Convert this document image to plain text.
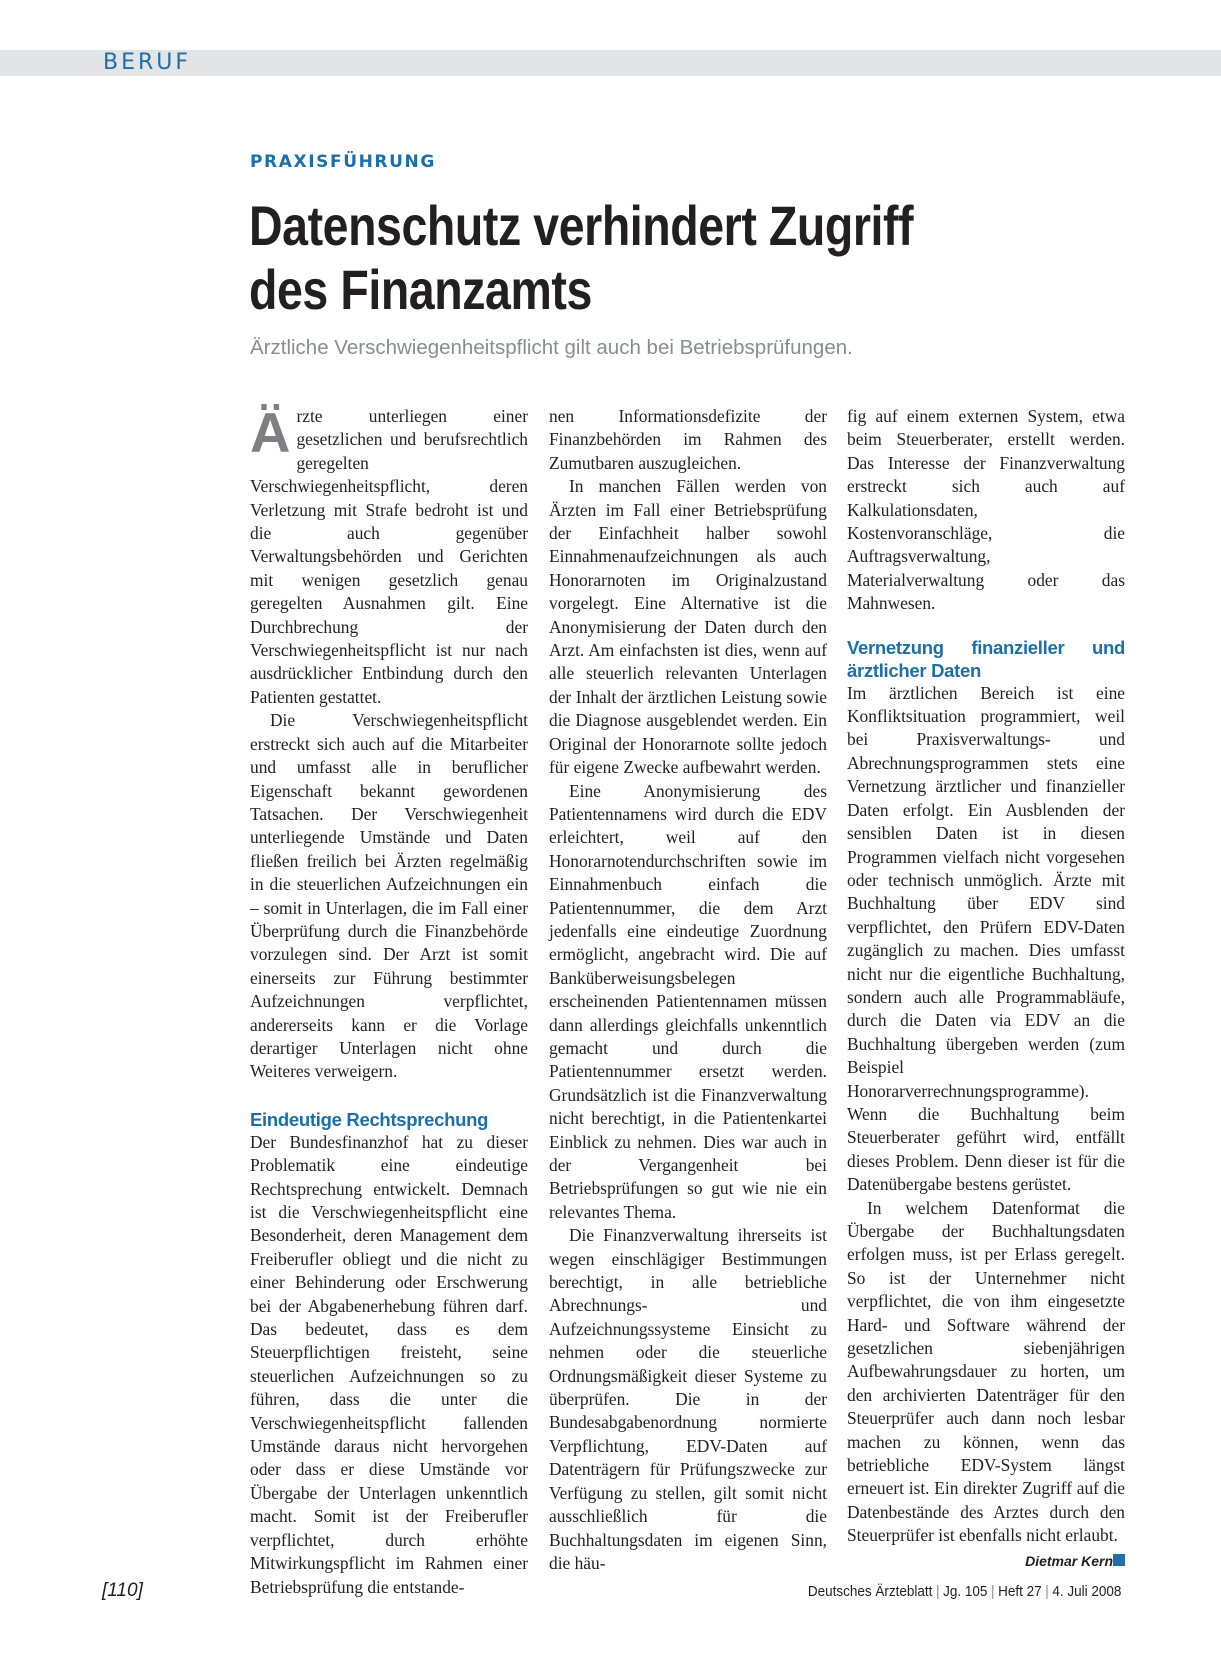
BERUF
PRAXISFÜHRUNG
Datenschutz verhindert Zugriff
des Finanzamts
Ärztliche Verschwiegenheitspflicht gilt auch bei Betriebsprüfungen.

Ärzte unterliegen einer gesetzlichen und berufsrechtlich geregelten Verschwiegenheitspflicht, deren Verletzung mit Strafe bedroht ist und die auch gegenüber Verwaltungsbehörden und Gerichten mit wenigen gesetzlich genau geregelten Ausnahmen gilt. Eine Durchbrechung der Verschwiegenheitspflicht ist nur nach ausdrücklicher Entbindung durch den Patienten gestattet.

Die Verschwiegenheitspflicht erstreckt sich auch auf die Mitarbeiter und umfasst alle in beruflicher Eigenschaft bekannt gewordenen Tatsachen. Der Verschwiegenheit unterliegende Umstände und Daten fließen freilich bei Ärzten regelmäßig in die steuerlichen Aufzeichnungen ein – somit in Unterlagen, die im Fall einer Überprüfung durch die Finanzbehörde vorzulegen sind. Der Arzt ist somit einerseits zur Führung bestimmter Aufzeichnungen verpflichtet, andererseits kann er die Vorlage derartiger Unterlagen nicht ohne Weiteres verweigern.

Eindeutige Rechtsprechung

Der Bundesfinanzhof hat zu dieser Problematik eine eindeutige Rechtsprechung entwickelt. Demnach ist die Verschwiegenheitspflicht eine Besonderheit, deren Management dem Freiberufler obliegt und die nicht zu einer Behinderung oder Erschwerung bei der Abgabenerhebung führen darf. Das bedeutet, dass es dem Steuerpflichtigen freisteht, seine steuerlichen Aufzeichnungen so zu führen, dass die unter die Verschwiegenheitspflicht fallenden Umstände daraus nicht hervorgehen oder dass er diese Umstände vor Übergabe der Unterlagen unkenntlich macht. Somit ist der Freiberufler verpflichtet, durch erhöhte Mitwirkungspflicht im Rahmen einer Betriebsprüfung die entstande-

nen Informationsdefizite der Finanzbehörden im Rahmen des Zumutbaren auszugleichen.

In manchen Fällen werden von Ärzten im Fall einer Betriebsprüfung der Einfachheit halber sowohl Einnahmenaufzeichnungen als auch Honorarnoten im Originalzustand vorgelegt. Eine Alternative ist die Anonymisierung der Daten durch den Arzt. Am einfachsten ist dies, wenn auf alle steuerlich relevanten Unterlagen der Inhalt der ärztlichen Leistung sowie die Diagnose ausgeblendet werden. Ein Original der Honorarnote sollte jedoch für eigene Zwecke aufbewahrt werden.

Eine Anonymisierung des Patientennamens wird durch die EDV erleichtert, weil auf den Honorarnotendurchschriften sowie im Einnahmenbuch einfach die Patientennummer, die dem Arzt jedenfalls eine eindeutige Zuordnung ermöglicht, angebracht wird. Die auf Banküberweisungsbelegen erscheinenden Patientennamen müssen dann allerdings gleichfalls unkenntlich gemacht und durch die Patientennummer ersetzt werden. Grundsätzlich ist die Finanzverwaltung nicht berechtigt, in die Patientenkartei Einblick zu nehmen. Dies war auch in der Vergangenheit bei Betriebsprüfungen so gut wie nie ein relevantes Thema.

Die Finanzverwaltung ihrerseits ist wegen einschlägiger Bestimmungen berechtigt, in alle betriebliche Abrechnungs- und Aufzeichnungssysteme Einsicht zu nehmen oder die steuerliche Ordnungsmäßigkeit dieser Systeme zu überprüfen. Die in der Bundesabgabenordnung normierte Verpflichtung, EDV-Daten auf Datenträgern für Prüfungszwecke zur Verfügung zu stellen, gilt somit nicht ausschließlich für die Buchhaltungsdaten im eigenen Sinn, die häu-

fig auf einem externen System, etwa beim Steuerberater, erstellt werden. Das Interesse der Finanzverwaltung erstreckt sich auch auf Kalkulationsdaten, Kostenvoranschläge, die Auftragsverwaltung, Materialverwaltung oder das Mahnwesen.

Vernetzung finanzieller und ärztlicher Daten

Im ärztlichen Bereich ist eine Konfliktsituation programmiert, weil bei Praxisverwaltungs- und Abrechnungsprogrammen stets eine Vernetzung ärztlicher und finanzieller Daten erfolgt. Ein Ausblenden der sensiblen Daten ist in diesen Programmen vielfach nicht vorgesehen oder technisch unmöglich. Ärzte mit Buchhaltung über EDV sind verpflichtet, den Prüfern EDV-Daten zugänglich zu machen. Dies umfasst nicht nur die eigentliche Buchhaltung, sondern auch alle Programmabläufe, durch die Daten via EDV an die Buchhaltung übergeben werden (zum Beispiel Honorarverrechnungsprogramme). Wenn die Buchhaltung beim Steuerberater geführt wird, entfällt dieses Problem. Denn dieser ist für die Datenübergabe bestens gerüstet.

In welchem Datenformat die Übergabe der Buchhaltungsdaten erfolgen muss, ist per Erlass geregelt. So ist der Unternehmer nicht verpflichtet, die von ihm eingesetzte Hard- und Software während der gesetzlichen siebenjährigen Aufbewahrungsdauer zu horten, um den archivierten Datenträger für den Steuerprüfer auch dann noch lesbar machen zu können, wenn das betriebliche EDV-System längst erneuert ist. Ein direkter Zugriff auf die Datenbestände des Arztes durch den Steuerprüfer ist ebenfalls nicht erlaubt.

Dietmar Kern
[110]	Deutsches Ärzteblatt | Jg. 105 | Heft 27 | 4. Juli 2008
